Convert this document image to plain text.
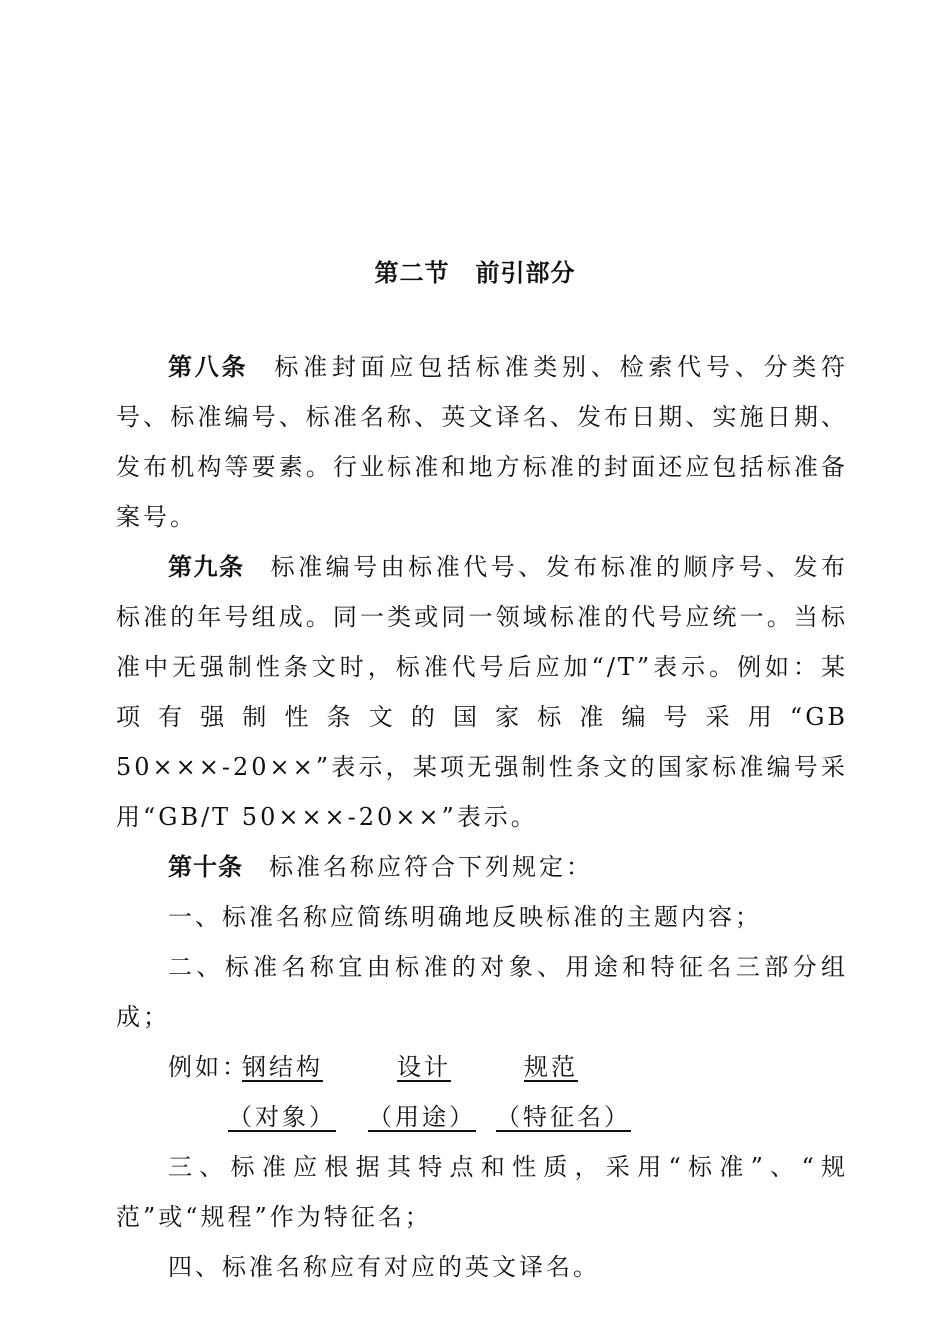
第二节 前引部分

第八条 标准封面应包括标准类别、检索代号、分类符号、标准编号、标准名称、英文译名、发布日期、实施日期、发布机构等要素。行业标准和地方标准的封面还应包括标准备案号。

第九条 标准编号由标准代号、发布标准的顺序号、发布标准的年号组成。同一类或同一领域标准的代号应统一。当标准中无强制性条文时，标准代号后应加“/T”表示。例如：某项有强制性条文的国家标准编号采用“GB 50×××-20××”表示，某项无强制性条文的国家标准编号采用“GB/T 50×××-20××”表示。

第十条 标准名称应符合下列规定：

一、标准名称应简练明确地反映标准的主题内容；

二、标准名称宜由标准的对象、用途和特征名三部分组成；

例如：
钢结构	设计	规范
（对象） （用途） （特征名）

三、标准应根据其特点和性质，采用“标准”、“规范”或“规程”作为特征名；

四、标准名称应有对应的英文译名。
